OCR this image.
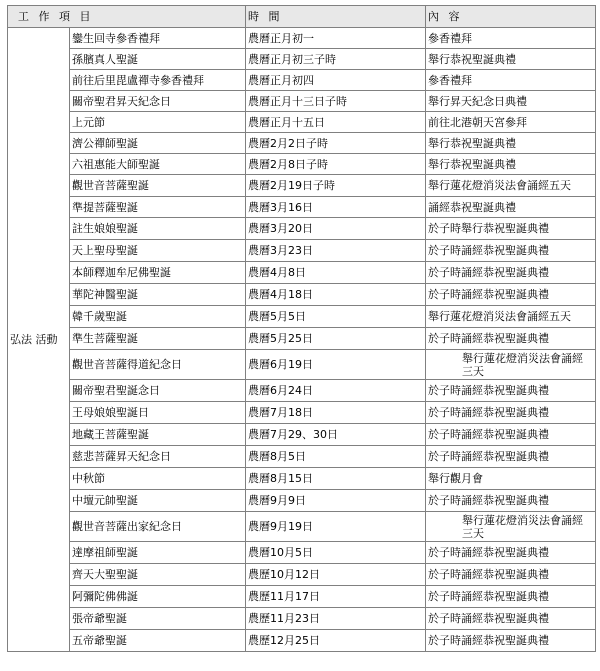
工 作 項 目		時 間	內 容
弘法 活動	鑾生回寺參香禮拜	農曆正月初一	參香禮拜
	孫臏真人聖誕	農曆正月初三子時	舉行恭祝聖誕典禮
	前往后里毘盧禪寺參香禮拜	農曆正月初四	參香禮拜
	關帝聖君昇天紀念日	農曆正月十三日子時	舉行昇天紀念日典禮
	上元節	農曆正月十五日	前往北港朝天宮參拜
	濟公禪師聖誕	農曆2月2日子時	舉行恭祝聖誕典禮
	六祖惠能大師聖誕	農曆2月8日子時	舉行恭祝聖誕典禮
	觀世音菩薩聖誕	農曆2月19日子時	舉行蓮花燈消災法會誦經五天
	準提菩薩聖誕	農曆3月16日	誦經恭祝聖誕典禮
	註生娘娘聖誕	農曆3月20日	於子時舉行恭祝聖誕典禮
	天上聖母聖誕	農曆3月23日	於子時誦經恭祝聖誕典禮
	本師釋迦牟尼佛聖誕	農曆4月8日	於子時誦經恭祝聖誕典禮
	華陀神醫聖誕	農曆4月18日	於子時誦經恭祝聖誕典禮
	韓千歲聖誕	農曆5月5日	舉行蓮花燈消災法會誦經五天
	準生菩薩聖誕	農曆5月25日	於子時誦經恭祝聖誕典禮
	觀世音菩薩得道紀念日	農曆6月19日	舉行蓮花燈消災法會誦經三天
	關帝聖君聖誕念日	農曆6月24日	於子時誦經恭祝聖誕典禮
	王母娘娘聖誕日	農曆7月18日	於子時誦經恭祝聖誕典禮
	地藏王菩薩聖誕	農曆7月29、30日	於子時誦經恭祝聖誕典禮
	慈悲菩薩昇天紀念日	農曆8月5日	於子時誦經恭祝聖誕典禮
	中秋節	農曆8月15日	舉行觀月會
	中壇元帥聖誕	農曆9月9日	於子時誦經恭祝聖誕典禮
	觀世音菩薩出家紀念日	農曆9月19日	舉行蓮花燈消災法會誦經三天
	達摩祖師聖誕	農曆10月5日	於子時誦經恭祝聖誕典禮
	齊天大聖聖誕	農歷10月12日	於子時誦經恭祝聖誕典禮
	阿彌陀佛佛誕	農歷11月17日	於子時誦經恭祝聖誕典禮
	張帝爺聖誕	農歷11月23日	於子時誦經恭祝聖誕典禮
	五帝爺聖誕	農歷12月25日	於子時誦經恭祝聖誕典禮
